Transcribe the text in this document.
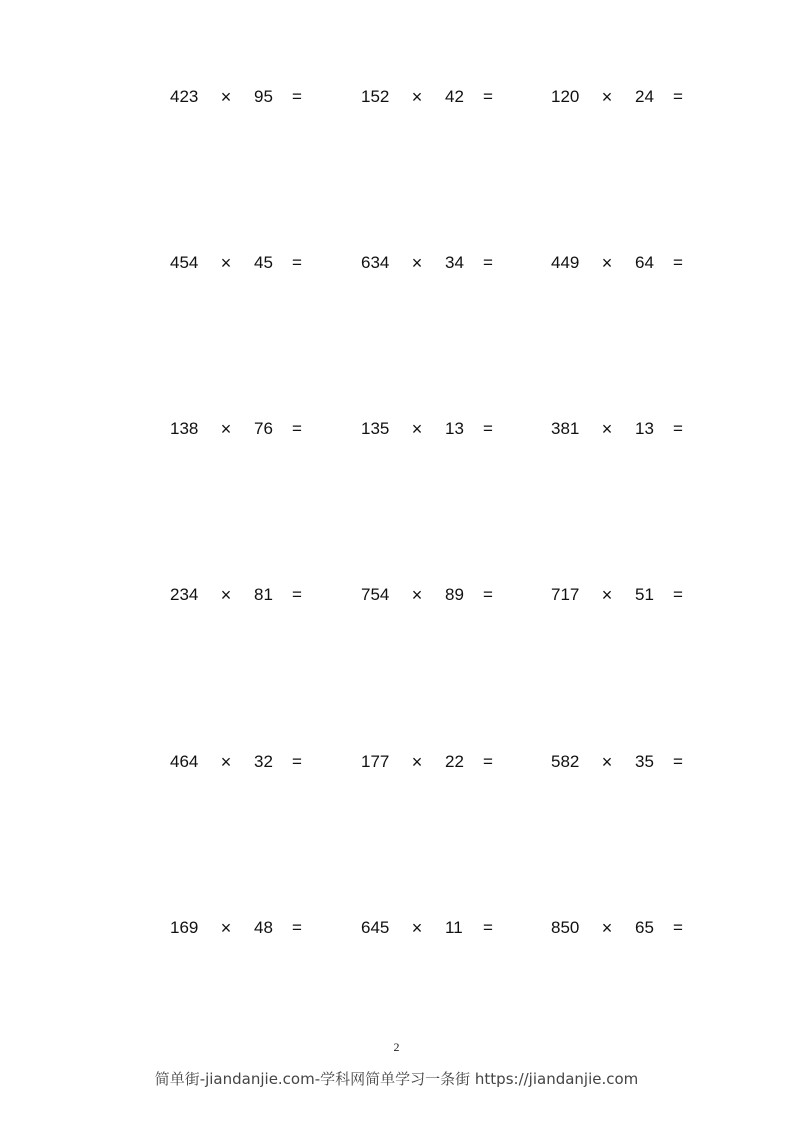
423	× 95	=	152	× 42	=	120	× 24	=
454	× 45	=	634	× 34	=	449	× 64	=
138	× 76	=	135	× 13	=	381	× 13	=
234	× 81	=	754	× 89	=	717	× 51	=
464	× 32	=	177	× 22	=	582	× 35	=
169	× 48	=	645	× 11	=	850	× 65	=
2
简单街-jiandanjie.com-学科网简单学习一条街 https://jiandanjie.com
